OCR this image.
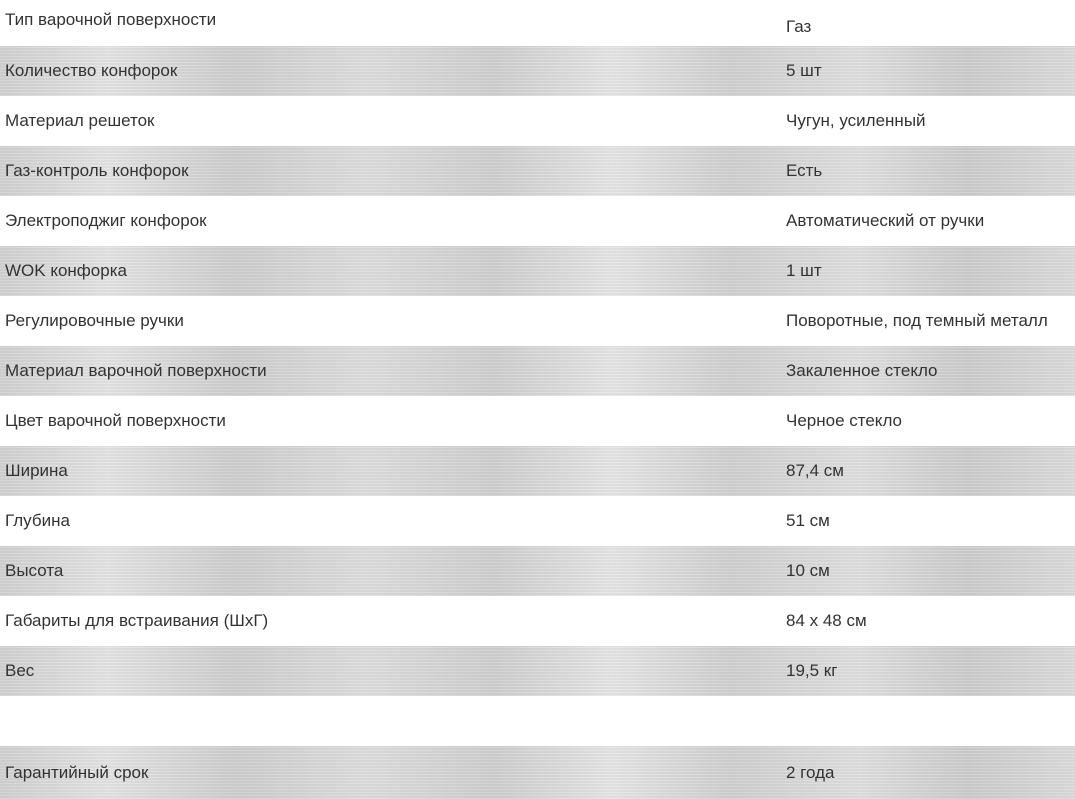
Тип варочной поверхности	Газ
Количество конфорок	5 шт
Материал решеток	Чугун, усиленный
Газ-контроль конфорок	Есть
Электроподжиг конфорок	Автоматический от ручки
WOK конфорка	1 шт
Регулировочные ручки	Поворотные, под темный металл
Материал варочной поверхности	Закаленное стекло
Цвет варочной поверхности	Черное стекло
Ширина	87,4 см
Глубина	51 см
Высота	10 см
Габариты для встраивания (ШхГ)	84 х 48 см
Вес	19,5 кг
Гарантийный срок	2 года
